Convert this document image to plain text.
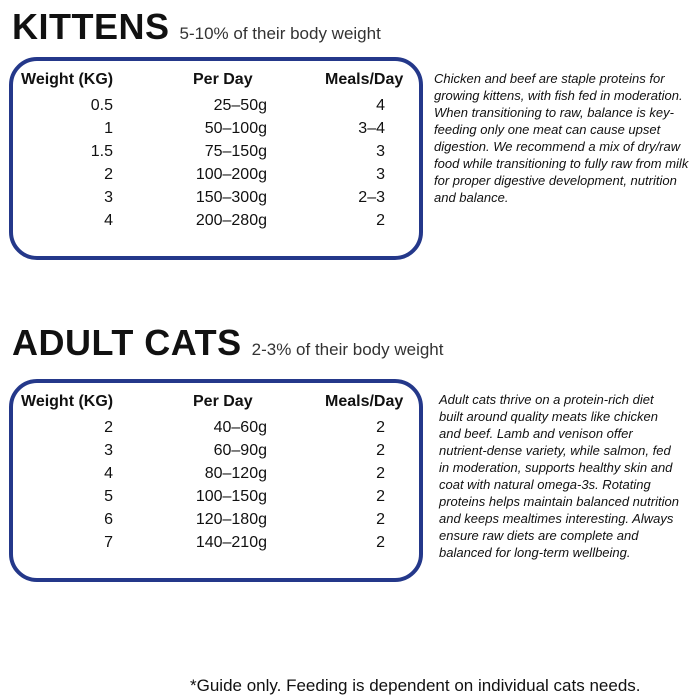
KITTENS 5-10% of their body weight
Weight (KG)	Per Day	Meals/Day
0.5	25–50g	4
1	50–100g	3–4
1.5	75–150g	3
2	100–200g	3
3	150–300g	2–3
4	200–280g	2
Chicken and beef are staple proteins for growing kittens, with fish fed in moderation. When transitioning to raw, balance is key-feeding only one meat can cause upset digestion. We recommend a mix of dry/raw food while transitioning to fully raw from milk for proper digestive development, nutrition and balance.
ADULT CATS 2-3% of their body weight
Weight (KG)	Per Day	Meals/Day
2	40–60g	2
3	60–90g	2
4	80–120g	2
5	100–150g	2
6	120–180g	2
7	140–210g	2
Adult cats thrive on a protein-rich diet built around quality meats like chicken and beef. Lamb and venison offer nutrient-dense variety, while salmon, fed in moderation, supports healthy skin and coat with natural omega-3s. Rotating proteins helps maintain balanced nutrition and keeps mealtimes interesting. Always ensure raw diets are complete and balanced for long-term wellbeing.
*Guide only. Feeding is dependent on individual cats needs.
